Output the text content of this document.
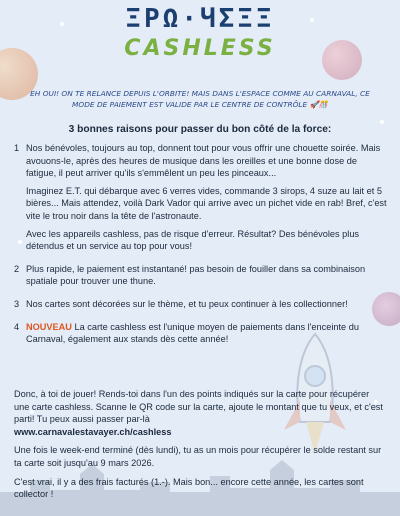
ΞPΩ·ЧΣΞΞ
CASHLESS
EH OUI! ON TE RELANCE DEPUIS L'ORBITE! MAIS DANS L'ESPACE COMME AU CARNAVAL, CE MODE DE PAIEMENT EST VALIDE PAR LE CENTRE DE CONTRÔLE 🚀🎊
3 bonnes raisons pour passer du bon côté de la force:
1 Nos bénévoles, toujours au top, donnent tout pour vous offrir une chouette soirée. Mais avouons-le, après des heures de musique dans les oreilles et une bonne dose de fatigue, il peut arriver qu'ils s'emmêlent un peu les pinceaux...

Imaginez E.T. qui débarque avec 6 verres vides, commande 3 sirops, 4 suze au lait et 5 bières... Mais attendez, voilà Dark Vador qui arrive avec un pichet vide en rab! Bref, c'est vite le trou noir dans la tête de l'astronaute.

Avec les appareils cashless, pas de risque d'erreur. Résultat? Des bénévoles plus détendus et un service au top pour vous!

2 Plus rapide, le paiement est instantané! pas besoin de fouiller dans sa combinaison spatiale pour trouver une thune.

3 Nos cartes sont décorées sur le thème, et tu peux continuer à les collectionner!

4 NOUVEAU La carte cashless est l'unique moyen de paiements dans l'enceinte du Carnaval, également aux stands dès cette année!

Donc, à toi de jouer! Rends-toi dans l'un des points indiqués sur la carte pour récupérer une carte cashless. Scanne le QR code sur la carte, ajoute le montant que tu veux, et c'est parti! Tu peux aussi passer par-là
www.carnavalestavayer.ch/cashless

Une fois le week-end terminé (dès lundi), tu as un mois pour récupérer le solde restant sur ta carte soit jusqu'au 9 mars 2026.

C'est vrai, il y a des frais facturés (1.-). Mais bon... encore cette année, les cartes sont collector !
